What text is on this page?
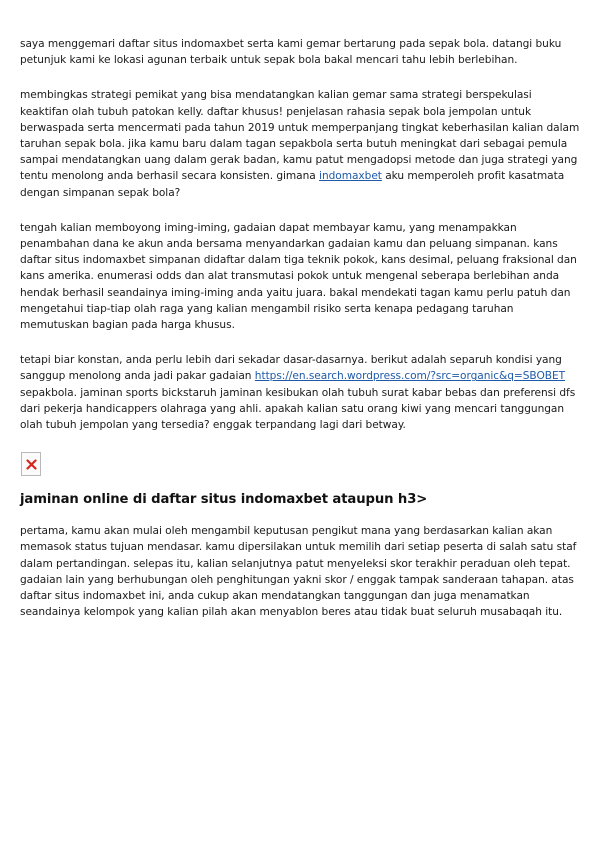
saya menggemari daftar situs indomaxbet serta kami gemar bertarung pada sepak bola. datangi buku petunjuk kami ke lokasi agunan terbaik untuk sepak bola bakal mencari tahu lebih berlebihan.

membingkas strategi pemikat yang bisa mendatangkan kalian gemar sama strategi berspekulasi keaktifan olah tubuh patokan kelly. daftar khusus! penjelasan rahasia sepak bola jempolan untuk berwaspada serta mencermati pada tahun 2019 untuk memperpanjang tingkat keberhasilan kalian dalam taruhan sepak bola. jika kamu baru dalam tagan sepakbola serta butuh meningkat dari sebagai pemula sampai mendatangkan uang dalam gerak badan, kamu patut mengadopsi metode dan juga strategi yang tentu menolong anda berhasil secara konsisten. gimana indomaxbet aku memperoleh profit kasatmata dengan simpanan sepak bola?

tengah kalian memboyong iming-iming, gadaian dapat membayar kamu, yang menampakkan penambahan dana ke akun anda bersama menyandarkan gadaian kamu dan peluang simpanan. kans daftar situs indomaxbet simpanan didaftar dalam tiga teknik pokok, kans desimal, peluang fraksional dan kans amerika. enumerasi odds dan alat transmutasi pokok untuk mengenal seberapa berlebihan anda hendak berhasil seandainya iming-iming anda yaitu juara. bakal mendekati tagan kamu perlu patuh dan mengetahui tiap-tiap olah raga yang kalian mengambil risiko serta kenapa pedagang taruhan memutuskan bagian pada harga khusus.

tetapi biar konstan, anda perlu lebih dari sekadar dasar-dasarnya. berikut adalah separuh kondisi yang sanggup menolong anda jadi pakar gadaian https://en.search.wordpress.com/?src=organic&q=SBOBET sepakbola. jaminan sports bickstaruh jaminan kesibukan olah tubuh surat kabar bebas dan preferensi dfs dari pekerja handicappers olahraga yang ahli. apakah kalian satu orang kiwi yang mencari tanggungan olah tubuh jempolan yang tersedia? enggak terpandang lagi dari betway.

jaminan online di daftar situs indomaxbet ataupun h3>

pertama, kamu akan mulai oleh mengambil keputusan pengikut mana yang berdasarkan kalian akan memasok status tujuan mendasar. kamu dipersilakan untuk memilih dari setiap peserta di salah satu staf dalam pertandingan. selepas itu, kalian selanjutnya patut menyeleksi skor terakhir peraduan oleh tepat. gadaian lain yang berhubungan oleh penghitungan yakni skor / enggak tampak sanderaan tahapan. atas daftar situs indomaxbet ini, anda cukup akan mendatangkan tanggungan dan juga menamatkan seandainya kelompok yang kalian pilah akan menyablon beres atau tidak buat seluruh musabaqah itu.
